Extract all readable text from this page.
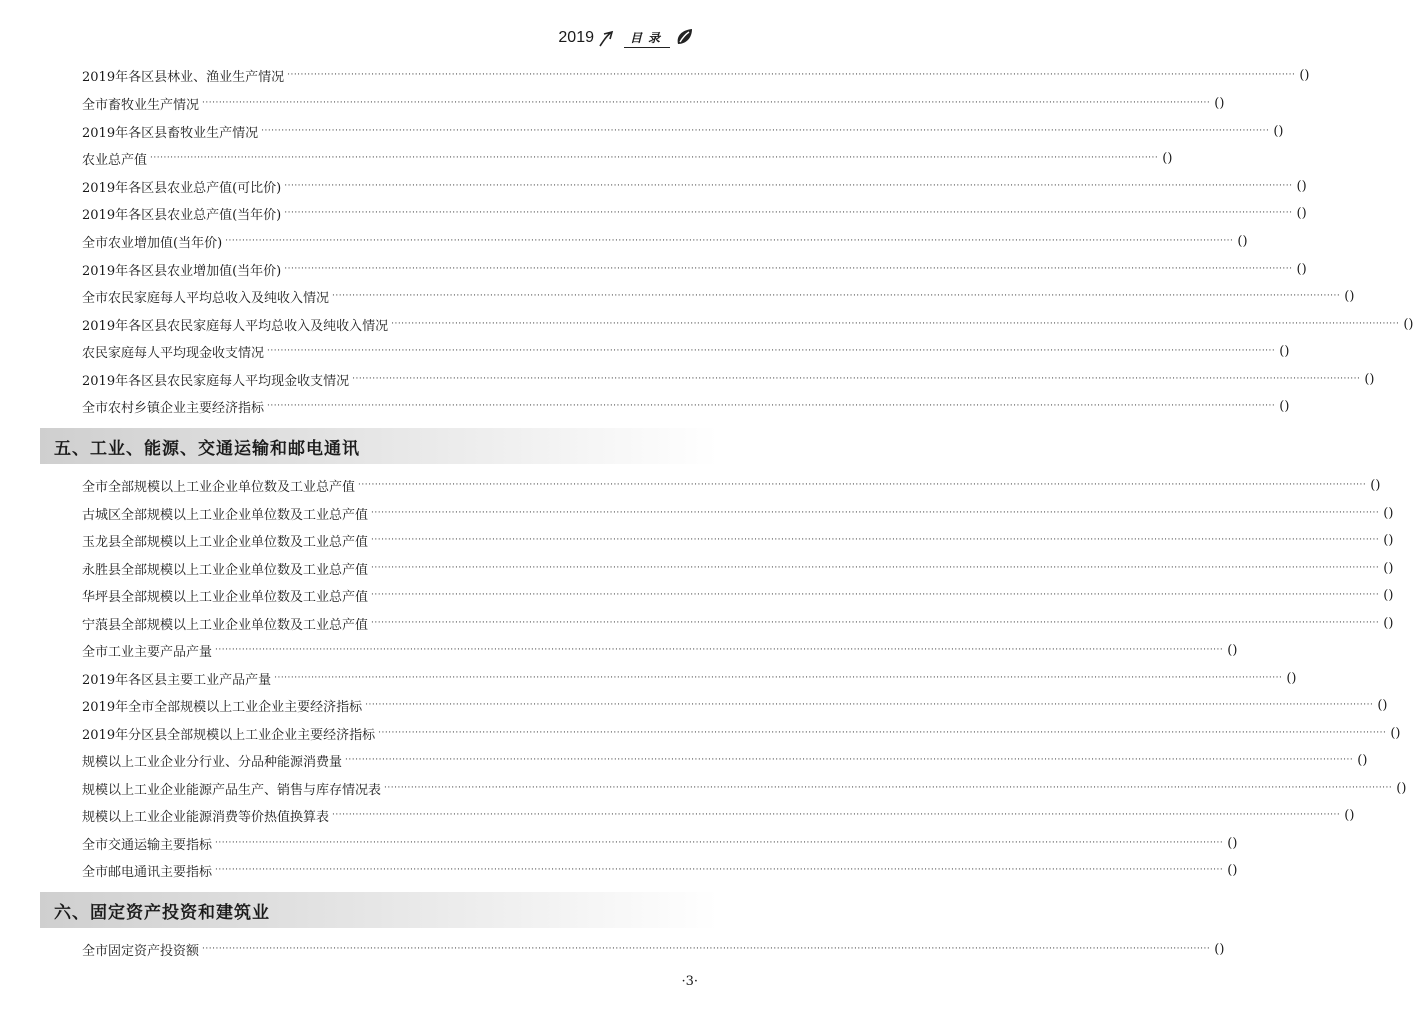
2019	目录
2019年各区县林业、渔业生产情况 ············································································································································································································································································································ ()
全市畜牧业生产情况 ············································································································································································································································································································ ()
2019年各区县畜牧业生产情况 ············································································································································································································································································································ ()
农业总产值 ············································································································································································································································································································ ()
2019年各区县农业总产值(可比价) ············································································································································································································································································································ ()
2019年各区县农业总产值(当年价) ············································································································································································································································································································ ()
全市农业增加值(当年价) ············································································································································································································································································································ ()
2019年各区县农业增加值(当年价) ············································································································································································································································································································ ()
全市农民家庭每人平均总收入及纯收入情况 ············································································································································································································································································································ ()
2019年各区县农民家庭每人平均总收入及纯收入情况 ············································································································································································································································································································ ()
农民家庭每人平均现金收支情况 ············································································································································································································································································································ ()
2019年各区县农民家庭每人平均现金收支情况 ············································································································································································································································································································ ()
全市农村乡镇企业主要经济指标 ············································································································································································································································································································ ()
五、工业、能源、交通运输和邮电通讯
全市全部规模以上工业企业单位数及工业总产值 ············································································································································································································································································································ ()
古城区全部规模以上工业企业单位数及工业总产值 ············································································································································································································································································································ ()
玉龙县全部规模以上工业企业单位数及工业总产值 ············································································································································································································································································································ ()
永胜县全部规模以上工业企业单位数及工业总产值 ············································································································································································································································································································ ()
华坪县全部规模以上工业企业单位数及工业总产值 ············································································································································································································································································································ ()
宁蒗县全部规模以上工业企业单位数及工业总产值 ············································································································································································································································································································ ()
全市工业主要产品产量 ············································································································································································································································································································ ()
2019年各区县主要工业产品产量 ············································································································································································································································································································ ()
2019年全市全部规模以上工业企业主要经济指标 ············································································································································································································································································································ ()
2019年分区县全部规模以上工业企业主要经济指标 ············································································································································································································································································································ ()
规模以上工业企业分行业、分品种能源消费量 ············································································································································································································································································································ ()
规模以上工业企业能源产品生产、销售与库存情况表 ············································································································································································································································································································ ()
规模以上工业企业能源消费等价热值换算表 ············································································································································································································································································································ ()
全市交通运输主要指标 ············································································································································································································································································································ ()
全市邮电通讯主要指标 ············································································································································································································································································································ ()
六、固定资产投资和建筑业
全市固定资产投资额 ············································································································································································································································································································ ()
·3·
